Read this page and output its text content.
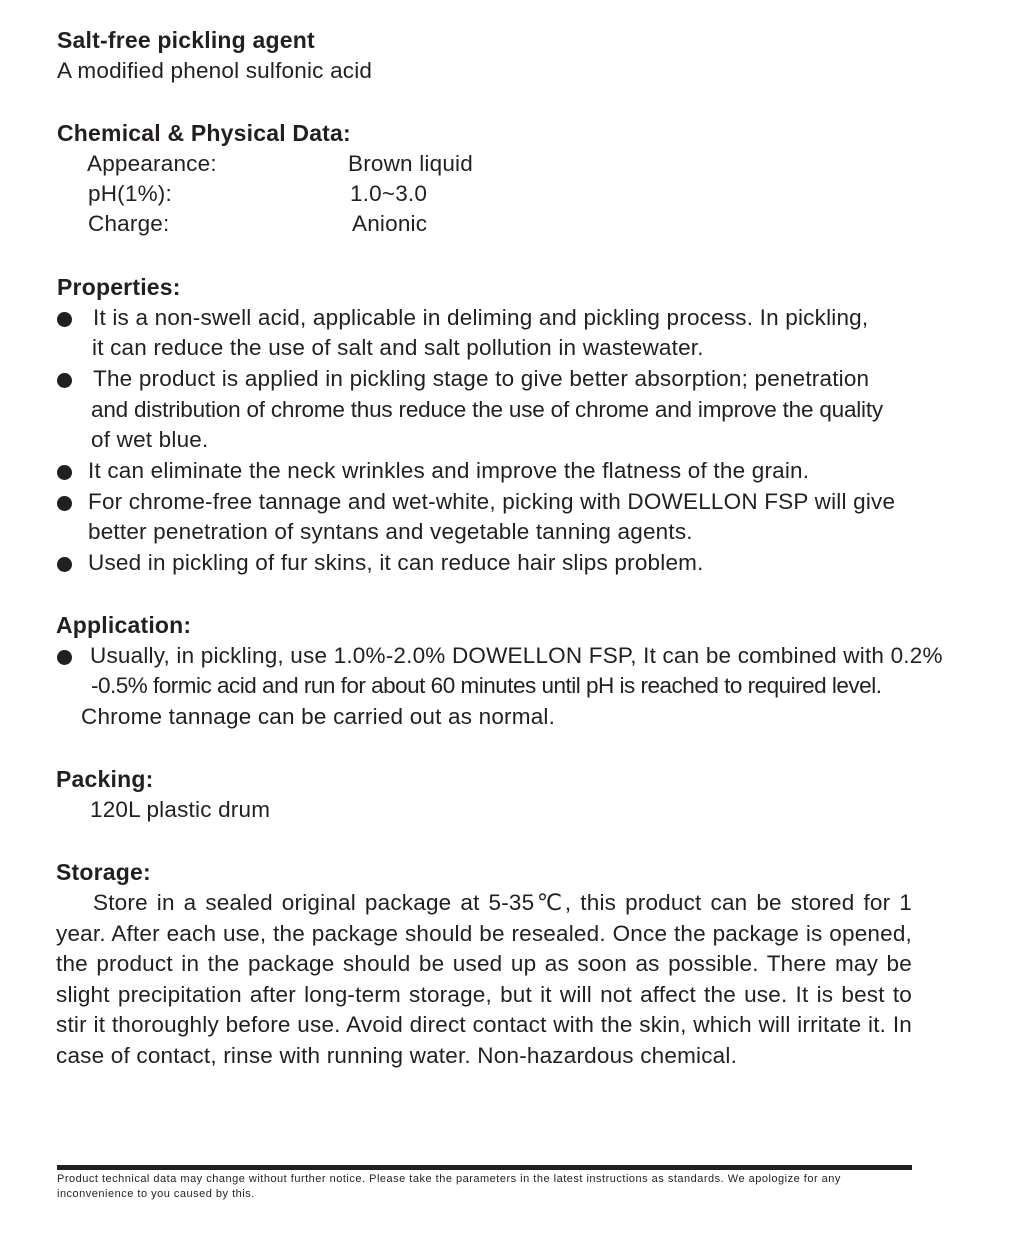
Salt-free pickling agent
A modified phenol sulfonic acid
Chemical & Physical Data:
Appearance:	Brown liquid
pH(1%):	1.0~3.0
Charge:	Anionic
Properties:
It is a non-swell acid, applicable in deliming and pickling process. In pickling,
it can reduce the use of salt and salt pollution in wastewater.
The product is applied in pickling stage to give better absorption; penetration
and distribution of chrome thus reduce the use of chrome and improve the quality
of wet blue.
It can eliminate the neck wrinkles and improve the flatness of the grain.
For chrome-free tannage and wet-white, picking with DOWELLON FSP will give
better penetration of syntans and vegetable tanning agents.
Used in pickling of fur skins, it can reduce hair slips problem.
Application:
Usually, in pickling, use 1.0%-2.0% DOWELLON FSP, It can be combined with 0.2%
-0.5% formic acid and run for about 60 minutes until pH is reached to required level.
Chrome tannage can be carried out as normal.
Packing:
120L plastic drum
Storage:
Store in a sealed original package at 5-35℃, this product can be stored for 1 year. After each use, the package should be resealed. Once the package is opened, the product in the package should be used up as soon as possible. There may be slight precipitation after long-term storage, but it will not affect the use. It is best to stir it thoroughly before use. Avoid direct contact with the skin, which will irritate it. In case of contact, rinse with running water. Non-hazardous chemical.
Product technical data may change without further notice. Please take the parameters in the latest instructions as standards. We apologize for any
inconvenience to you caused by this.
